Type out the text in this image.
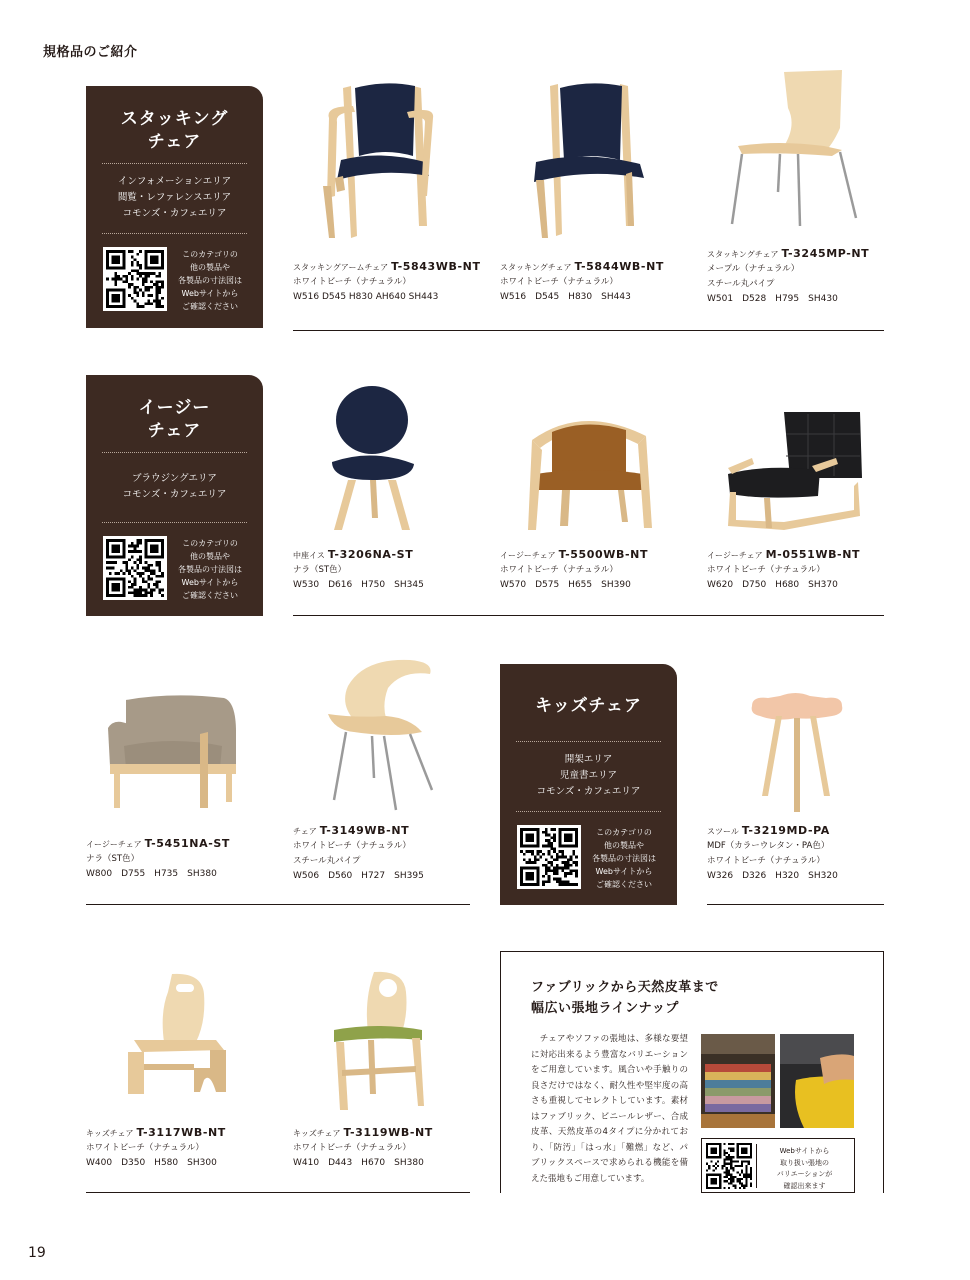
規格品のご紹介
スタッキング
チェア
インフォメーションエリア
閲覧・レファレンスエリア
コモンズ・カフェエリア
このカテゴリの
他の製品や
各製品の寸法図は
Webサイトから
ご確認ください
スタッキングアームチェア T-5843WB-NT
ホワイトビーチ（ナチュラル）
W516 D545 H830 AH640 SH443
スタッキングチェア T-5844WB-NT
ホワイトビーチ（ナチュラル）
W516　D545　H830　SH443
スタッキングチェア T-3245MP-NT
メープル（ナチュラル）
スチール丸パイプ
W501　D528　H795　SH430
イージー
チェア
ブラウジングエリア
コモンズ・カフェエリア
このカテゴリの
他の製品や
各製品の寸法図は
Webサイトから
ご確認ください
中座イス T-3206NA-ST
ナラ（ST色）
W530　D616　H750　SH345
イージーチェア T-5500WB-NT
ホワイトビーチ（ナチュラル）
W570　D575　H655　SH390
イージーチェア M-0551WB-NT
ホワイトビーチ（ナチュラル）
W620　D750　H680　SH370
イージーチェア T-5451NA-ST
ナラ（ST色）
W800　D755　H735　SH380
チェア T-3149WB-NT
ホワイトビーチ（ナチュラル）
スチール丸パイプ
W506　D560　H727　SH395
キッズチェア
開架エリア
児童書エリア
コモンズ・カフェエリア
このカテゴリの
他の製品や
各製品の寸法図は
Webサイトから
ご確認ください
スツール T-3219MD-PA
MDF（カラーウレタン・PA色）
ホワイトビーチ（ナチュラル）
W326　D326　H320　SH320
キッズチェア T-3117WB-NT
ホワイトビーチ（ナチュラル）
W400　D350　H580　SH300
キッズチェア T-3119WB-NT
ホワイトビーチ（ナチュラル）
W410　D443　H670　SH380
ファブリックから天然皮革まで
幅広い張地ラインナップ
　チェアやソファの張地は、多様な要望に対応出来るよう豊富なバリエーションをご用意しています。風合いや手触りの良さだけではなく、耐久性や堅牢度の高さも重視してセレクトしています。素材はファブリック、ビニールレザー、合成皮革、天然皮革の4タイプに分かれており、「防汚」「はっ水」「難燃」など、パブリックスペースで求められる機能を備えた張地もご用意しています。
Webサイトから
取り扱い張地の
バリエーションが
確認出来ます
19
